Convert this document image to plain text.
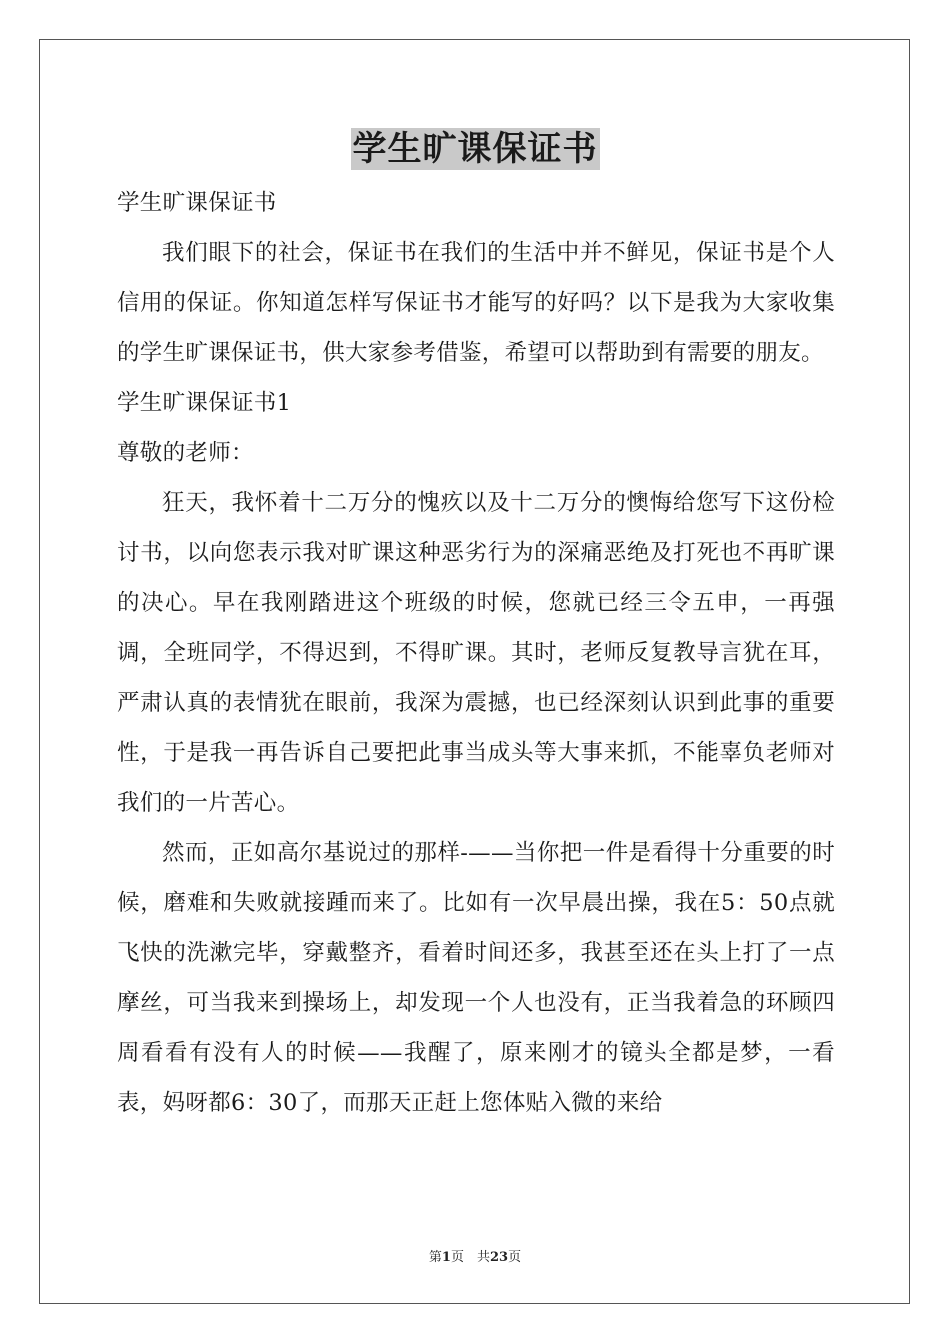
学生旷课保证书

学生旷课保证书

我们眼下的社会，保证书在我们的生活中并不鲜见，保证书是个人信用的保证。你知道怎样写保证书才能写的好吗？以下是我为大家收集的学生旷课保证书，供大家参考借鉴，希望可以帮助到有需要的朋友。

学生旷课保证书1

尊敬的老师：

狂天，我怀着十二万分的愧疚以及十二万分的懊悔给您写下这份检讨书，以向您表示我对旷课这种恶劣行为的深痛恶绝及打死也不再旷课的决心。早在我刚踏进这个班级的时候，您就已经三令五申，一再强调，全班同学，不得迟到，不得旷课。其时，老师反复教导言犹在耳，严肃认真的表情犹在眼前，我深为震撼，也已经深刻认识到此事的重要性，于是我一再告诉自己要把此事当成头等大事来抓，不能辜负老师对我们的一片苦心。

然而，正如高尔基说过的那样-——当你把一件是看得十分重要的时候，磨难和失败就接踵而来了。比如有一次早晨出操，我在5：50点就飞快的洗漱完毕，穿戴整齐，看着时间还多，我甚至还在头上打了一点摩丝，可当我来到操场上，却发现一个人也没有，正当我着急的环顾四周看看有没有人的时候——我醒了，原来刚才的镜头全都是梦，一看表，妈呀都6：30了，而那天正赶上您体贴入微的来给

第1页　共23页
